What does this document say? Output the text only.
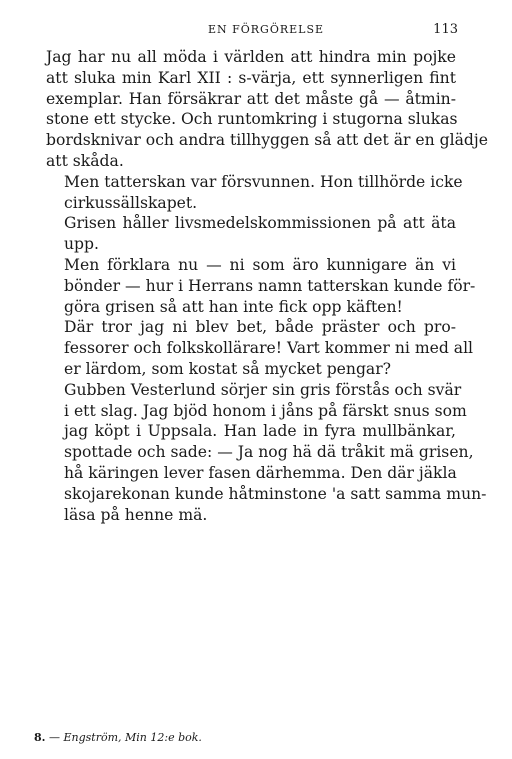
EN FÖRGÖRELSE	113

Jag har nu all möda i världen att hindra min pojke
att sluka min Karl XII : s-värja, ett synnerligen fint
exemplar. Han försäkrar att det måste gå — åtmin-
stone ett stycke. Och runtomkring i stugorna slukas
bordsknivar och andra tillhyggen så att det är en glädje
att skåda.

Men tatterskan var försvunnen. Hon tillhörde icke
cirkussällskapet.

Grisen håller livsmedelskommissionen på att äta
upp.

Men förklara nu — ni som äro kunnigare än vi
bönder — hur i Herrans namn tatterskan kunde för-
göra grisen så att han inte fick opp käften!

Där tror jag ni blev bet, både präster och pro-
fessorer och folkskollärare! Vart kommer ni med all
er lärdom, som kostat så mycket pengar?

Gubben Vesterlund sörjer sin gris förstås och svär
i ett slag. Jag bjöd honom i jåns på färskt snus som
jag köpt i Uppsala. Han lade in fyra mullbänkar,
spottade och sade: — Ja nog hä dä tråkit mä grisen,
hå käringen lever fasen därhemma. Den där jäkla
skojarekonan kunde håtminstone 'a satt samma mun-
läsa på henne mä.

8. — Engström, Min 12:e bok.
